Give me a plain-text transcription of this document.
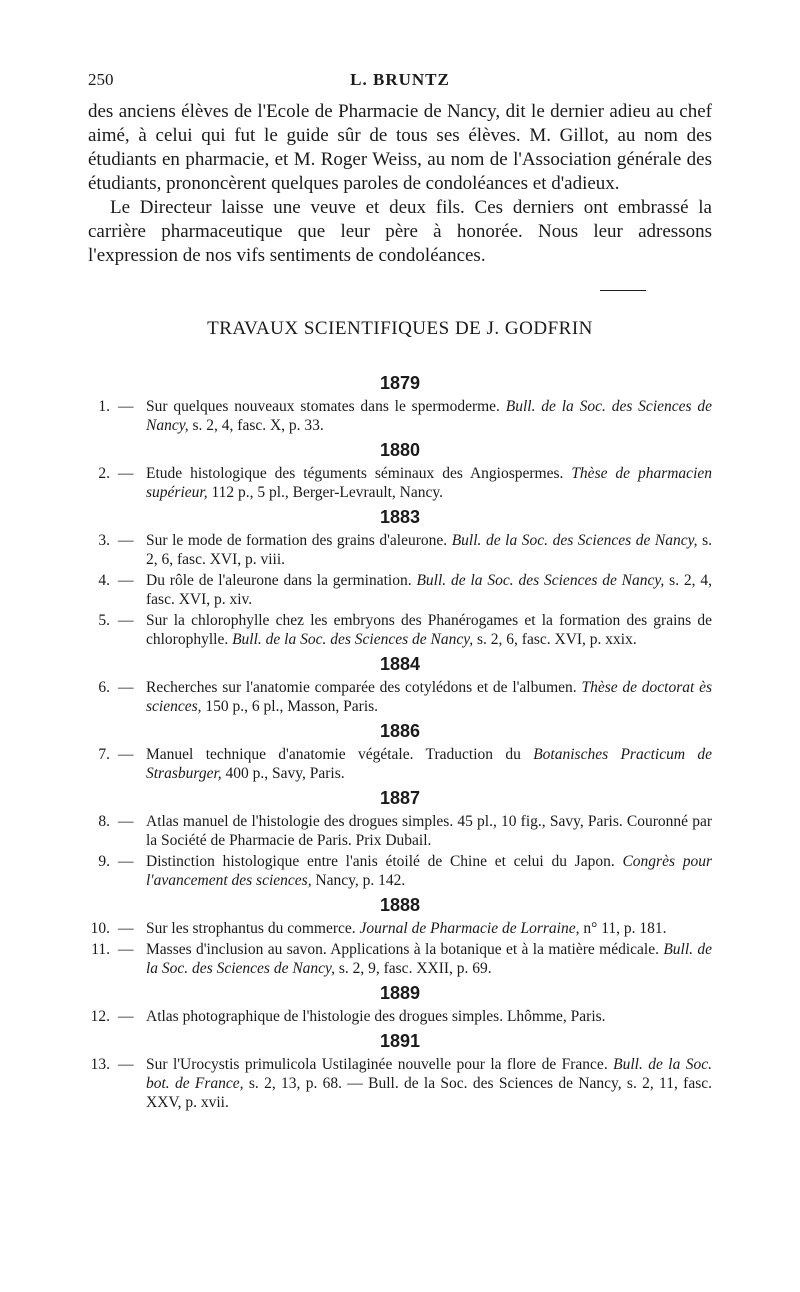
250	L. BRUNTZ

des anciens élèves de l'Ecole de Pharmacie de Nancy, dit le dernier adieu au chef aimé, à celui qui fut le guide sûr de tous ses élèves. M. Gillot, au nom des étudiants en pharmacie, et M. Roger Weiss, au nom de l'Association générale des étudiants, prononcèrent quelques paroles de condoléances et d'adieux.

Le Directeur laisse une veuve et deux fils. Ces derniers ont embrassé la carrière pharmaceutique que leur père à honorée. Nous leur adressons l'expression de nos vifs sentiments de condoléances.

TRAVAUX SCIENTIFIQUES DE J. GODFRIN
1879
1. — Sur quelques nouveaux stomates dans le spermoderme. Bull. de la Soc. des Sciences de Nancy, s. 2, 4, fasc. X, p. 33.
1880
2. — Etude histologique des téguments séminaux des Angiospermes. Thèse de pharmacien supérieur, 112 p., 5 pl., Berger-Levrault, Nancy.
1883
3. — Sur le mode de formation des grains d'aleurone. Bull. de la Soc. des Sciences de Nancy, s. 2, 6, fasc. XVI, p. viii.
4. — Du rôle de l'aleurone dans la germination. Bull. de la Soc. des Sciences de Nancy, s. 2, 4, fasc. XVI, p. xiv.
5. — Sur la chlorophylle chez les embryons des Phanérogames et la formation des grains de chlorophylle. Bull. de la Soc. des Sciences de Nancy, s. 2, 6, fasc. XVI, p. xxix.
1884
6. — Recherches sur l'anatomie comparée des cotylédons et de l'albumen. Thèse de doctorat ès sciences, 150 p., 6 pl., Masson, Paris.
1886
7. — Manuel technique d'anatomie végétale. Traduction du Botanisches Practicum de Strasburger, 400 p., Savy, Paris.
1887
8. — Atlas manuel de l'histologie des drogues simples. 45 pl., 10 fig., Savy, Paris. Couronné par la Société de Pharmacie de Paris. Prix Dubail.
9. — Distinction histologique entre l'anis étoilé de Chine et celui du Japon. Congrès pour l'avancement des sciences, Nancy, p. 142.
1888
10. — Sur les strophantus du commerce. Journal de Pharmacie de Lorraine, n° 11, p. 181.
11. — Masses d'inclusion au savon. Applications à la botanique et à la matière médicale. Bull. de la Soc. des Sciences de Nancy, s. 2, 9, fasc. XXII, p. 69.
1889
12. — Atlas photographique de l'histologie des drogues simples. Lhômme, Paris.
1891
13. — Sur l'Urocystis primulicola Ustilaginée nouvelle pour la flore de France. Bull. de la Soc. bot. de France, s. 2, 13, p. 68. — Bull. de la Soc. des Sciences de Nancy, s. 2, 11, fasc. XXV, p. xvii.
